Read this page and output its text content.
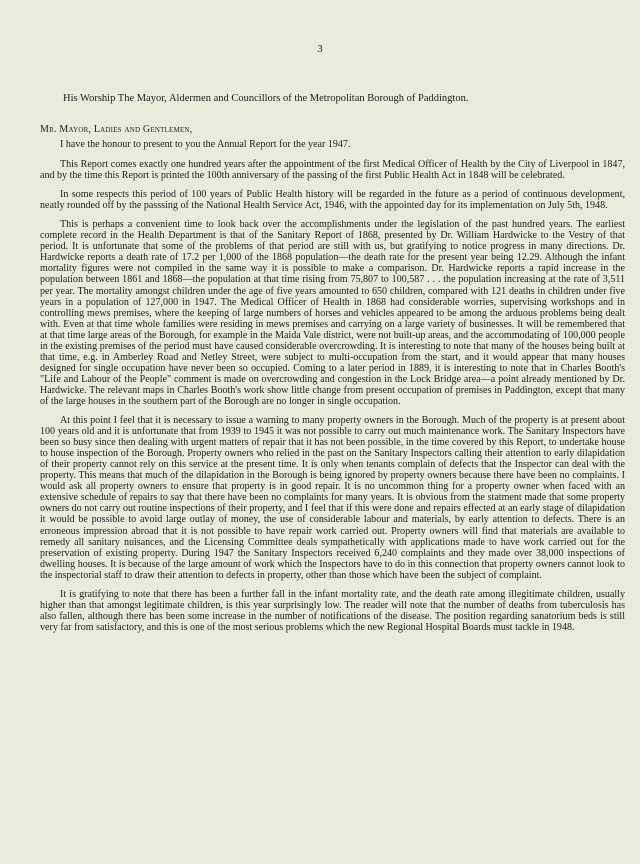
3
His Worship The Mayor, Aldermen and Councillors of the Metropolitan Borough of Paddington.
Mr. Mayor, Ladies and Gentlemen,

I have the honour to present to you the Annual Report for the year 1947.

This Report comes exactly one hundred years after the appointment of the first Medical Officer of Health by the City of Liverpool in 1847, and by the time this Report is printed the 100th anniversary of the passing of the first Public Health Act in 1848 will be celebrated.

In some respects this period of 100 years of Public Health history will be regarded in the future as a period of continuous development, neatly rounded off by the passsing of the National Health Service Act, 1946, with the appointed day for its implementation on July 5th, 1948.

This is perhaps a convenient time to look back over the accomplishments under the legislation of the past hundred years. The earliest complete record in the Health Department is that of the Sanitary Report of 1868, presented by Dr. William Hardwicke to the Vestry of that period. It is unfortunate that some of the problems of that period are still with us, but gratifying to notice progress in many directions. Dr. Hardwicke reports a death rate of 17.2 per 1,000 of the 1868 population—the death rate for the present year being 12.29. Although the infant mortality figures were not compiled in the same way it is possible to make a comparison. Dr. Hardwicke reports a rapid increase in the population between 1861 and 1868—the population at that time rising from 75,807 to 100,587 . . . the population increasing at the rate of 3,511 per year. The mortality amongst children under the age of five years amounted to 650 children, compared with 121 deaths in children under five years in a population of 127,000 in 1947. The Medical Officer of Health in 1868 had considerable worries, supervising workshops and in controlling mews premises, where the keeping of large numbers of horses and vehicles appeared to be among the arduous problems being dealt with. Even at that time whole families were residing in mews premises and carrying on a large variety of businesses. It will be remembered that at that time large areas of the Borough, for example in the Maida Vale district, were not built-up areas, and the accommodating of 100,000 people in the existing premises of the period must have caused considerable overcrowding. It is interesting to note that many of the houses being built at that time, e.g. in Amberley Road and Netley Street, were subject to multi-occupation from the start, and it would appear that many houses designed for single occupation have never been so occupied. Coming to a later period in 1889, it is interesting to note that in Charles Booth's "Life and Labour of the People" comment is made on overcrowding and congestion in the Lock Bridge area—a point already mentioned by Dr. Hardwicke. The relevant maps in Charles Booth's work show little change from present occupation of premises in Paddington, except that many of the large houses in the southern part of the Borough are no longer in single occupation.

At this point I feel that it is necessary to issue a warning to many property owners in the Borough. Much of the property is at present about 100 years old and it is unfortunate that from 1939 to 1945 it was not possible to carry out much maintenance work. The Sanitary Inspectors have been so busy since then dealing with urgent matters of repair that it has not been possible, in the time covered by this Report, to undertake house to house inspection of the Borough. Property owners who relied in the past on the Sanitary Inspectors calling their attention to early dilapidation of their property cannot rely on this service at the present time. It is only when tenants complain of defects that the Inspector can deal with the property. This means that much of the dilapidation in the Borough is being ignored by property owners because there have been no complaints. I would ask all property owners to ensure that property is in good repair. It is no uncommon thing for a property owner when faced with an extensive schedule of repairs to say that there have been no complaints for many years. It is obvious from the statment made that some property owners do not carry out routine inspections of their property, and I feel that if this were done and repairs effected at an early stage of dilapidation it would be possible to avoid large outlay of money, the use of considerable labour and materials, by early attention to defects. There is an erroneous impression abroad that it is not possible to have repair work carried out. Property owners will find that materials are available to remedy all sanitary nuisances, and the Licensing Committee deals sympathetically with applications made to have work carried out for the preservation of existing property. During 1947 the Sanitary Inspectors received 6,240 complaints and they made over 38,000 inspections of dwelling houses. It is because of the large amount of work which the Inspectors have to do in this connection that property owners cannot look to the inspectorial staff to draw their attention to defects in property, other than those which have been the subject of complaint.

It is gratifying to note that there has been a further fall in the infant mortality rate, and the death rate among illegitimate children, usually higher than that amongst legitimate children, is this year surprisingly low. The reader will note that the number of deaths from tuberculosis has also fallen, although there has been some increase in the number of notifications of the disease. The position regarding sanatorium beds is still very far from satisfactory, and this is one of the most serious problems which the new Regional Hospital Boards must tackle in 1948.
